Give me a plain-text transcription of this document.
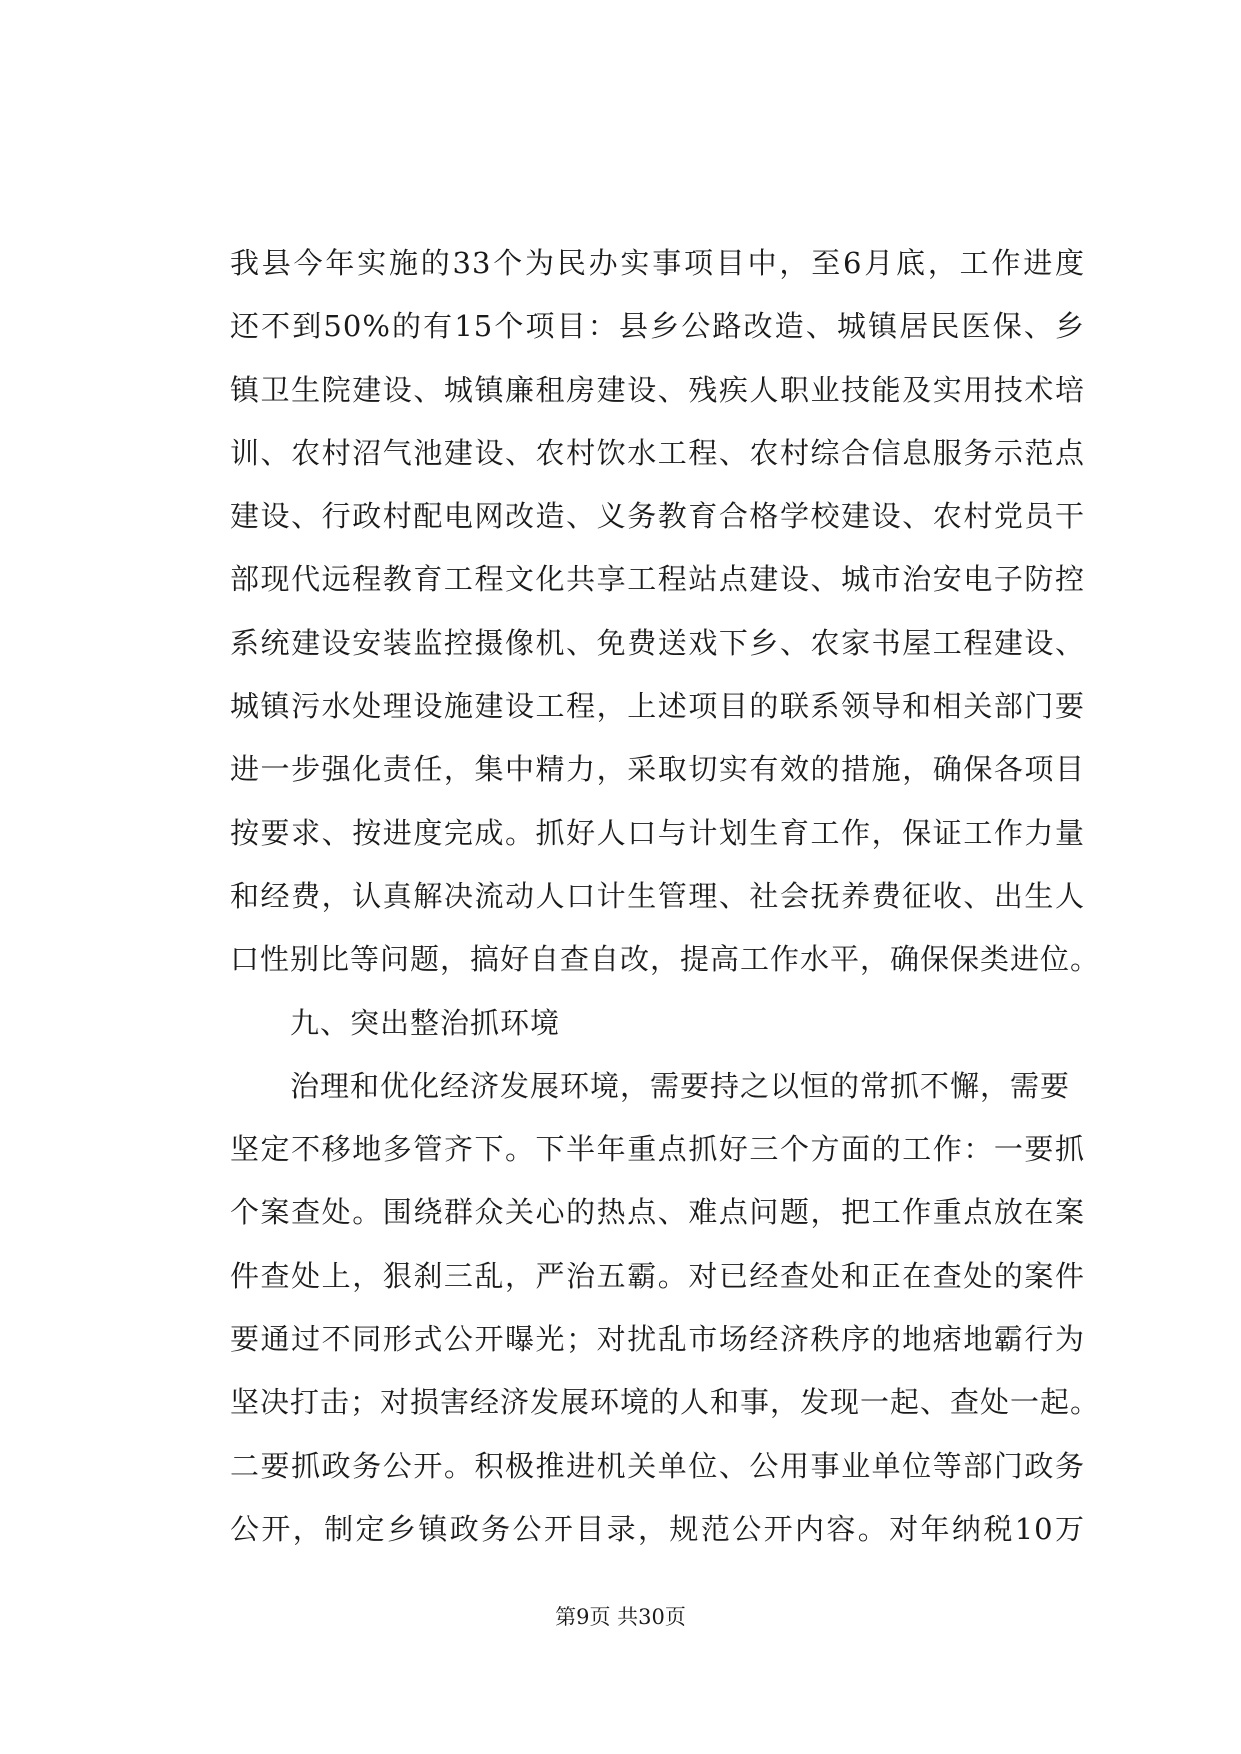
我县今年实施的33个为民办实事项目中，至6月底，工作进度
还不到50%的有15个项目：县乡公路改造、城镇居民医保、乡
镇卫生院建设、城镇廉租房建设、残疾人职业技能及实用技术培
训、农村沼气池建设、农村饮水工程、农村综合信息服务示范点
建设、行政村配电网改造、义务教育合格学校建设、农村党员干
部现代远程教育工程文化共享工程站点建设、城市治安电子防控
系统建设安装监控摄像机、免费送戏下乡、农家书屋工程建设、
城镇污水处理设施建设工程，上述项目的联系领导和相关部门要
进一步强化责任，集中精力，采取切实有效的措施，确保各项目
按要求、按进度完成。抓好人口与计划生育工作，保证工作力量
和经费，认真解决流动人口计生管理、社会抚养费征收、出生人
口性别比等问题，搞好自查自改，提高工作水平，确保保类进位。
九、突出整治抓环境
治理和优化经济发展环境，需要持之以恒的常抓不懈，需要
坚定不移地多管齐下。下半年重点抓好三个方面的工作：一要抓
个案查处。围绕群众关心的热点、难点问题，把工作重点放在案
件查处上，狠刹三乱，严治五霸。对已经查处和正在查处的案件
要通过不同形式公开曝光；对扰乱市场经济秩序的地痞地霸行为
坚决打击；对损害经济发展环境的人和事，发现一起、查处一起。
二要抓政务公开。积极推进机关单位、公用事业单位等部门政务
公开，制定乡镇政务公开目录，规范公开内容。对年纳税10万
第9页 共30页
